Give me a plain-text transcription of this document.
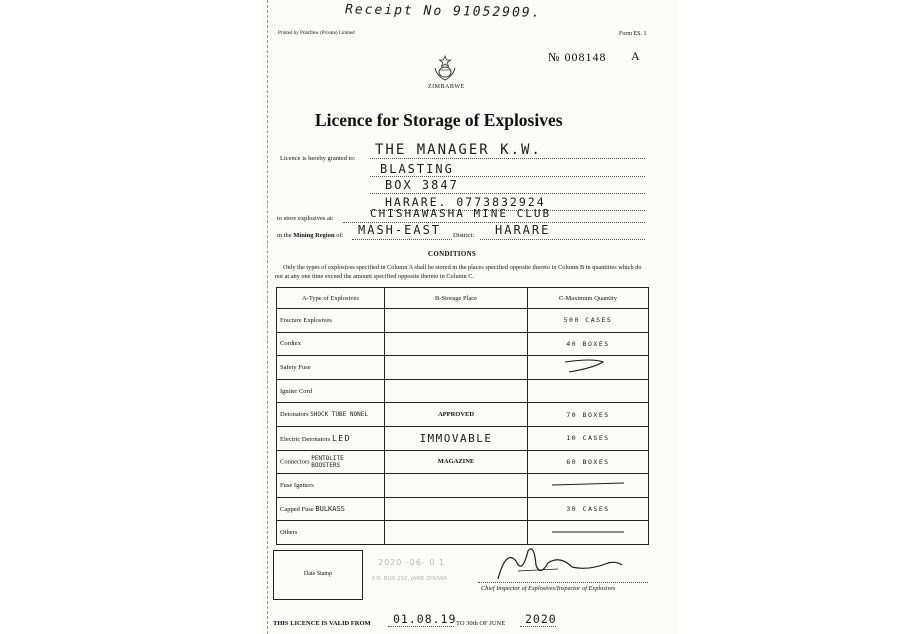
Receipt No 91052909.
Printed by Printflow (Private) Limited	Form ES. 1
№ 008148 A
ZIMBABWE
Licence for Storage of Explosives
Licence is hereby granted to:
THE MANAGER K.W.
BLASTING
BOX 3847
HARARE. 0773832924
to store explosives at:	CHISHAWASHA MINE CLUB
in the Mining Region of: MASH-EAST District: HARARE
CONDITIONS
Only the types of explosives specified in Column A shall be stored in the places specified opposite thereto in Column B in quantities which do not at any one time exceed the amount specified opposite thereto in Column C.
A-Type of Explosives	B-Storage Place	C-Maximum Quantity
Fracture Explosives		500 CASES
Cordtex		40 BOXES
Safety Fuse		
Igniter Cord		
Detonators SHOCK TUBE NONEL	APPROVED	70 BOXES
Electric Detonators LED	IMMOVABLE	10 CASES
Connectors PENTOLITE BOOSTERS	MAGAZINE	60 BOXES
Fuse Igniters		
Capped Fuse BULKASS		30 CASES
Others		
Date Stamp
2020 -06- 0 1
P.O. BOX 250, JAME ZHUWA
Chief Inspector of Explosives/Inspector of Explosives
THIS LICENCE IS VALID FROM 01.08.19 TO 30th OF JUNE 2020
